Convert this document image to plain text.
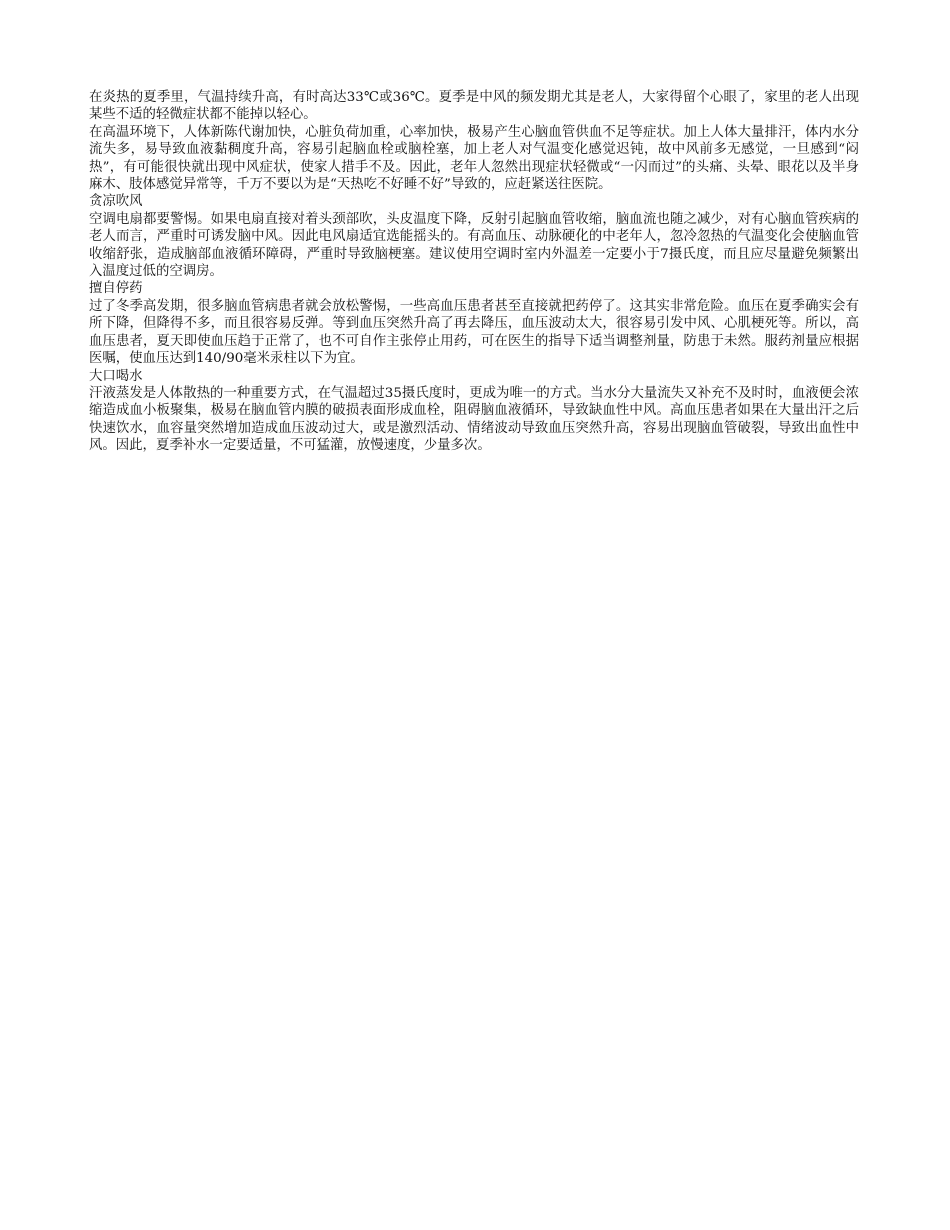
在炎热的夏季里，气温持续升高，有时高达33℃或36℃。夏季是中风的频发期尤其是老人，大家得留个心眼了，家里的老人出现某些不适的轻微症状都不能掉以轻心。

在高温环境下，人体新陈代谢加快，心脏负荷加重，心率加快，极易产生心脑血管供血不足等症状。加上人体大量排汗，体内水分流失多，易导致血液黏稠度升高，容易引起脑血栓或脑栓塞，加上老人对气温变化感觉迟钝，故中风前多无感觉，一旦感到“闷热”，有可能很快就出现中风症状，使家人措手不及。因此，老年人忽然出现症状轻微或“一闪而过”的头痛、头晕、眼花以及半身麻木、肢体感觉异常等，千万不要以为是“天热吃不好睡不好”导致的，应赶紧送往医院。

贪凉吹风

空调电扇都要警惕。如果电扇直接对着头颈部吹，头皮温度下降，反射引起脑血管收缩，脑血流也随之减少，对有心脑血管疾病的老人而言，严重时可诱发脑中风。因此电风扇适宜选能摇头的。有高血压、动脉硬化的中老年人，忽冷忽热的气温变化会使脑血管收缩舒张，造成脑部血液循环障碍，严重时导致脑梗塞。建议使用空调时室内外温差一定要小于7摄氏度，而且应尽量避免频繁出入温度过低的空调房。

擅自停药

过了冬季高发期，很多脑血管病患者就会放松警惕，一些高血压患者甚至直接就把药停了。这其实非常危险。血压在夏季确实会有所下降，但降得不多，而且很容易反弹。等到血压突然升高了再去降压，血压波动太大，很容易引发中风、心肌梗死等。所以，高血压患者，夏天即使血压趋于正常了，也不可自作主张停止用药，可在医生的指导下适当调整剂量，防患于未然。服药剂量应根据医嘱，使血压达到140/90毫米汞柱以下为宜。

大口喝水

汗液蒸发是人体散热的一种重要方式，在气温超过35摄氏度时，更成为唯一的方式。当水分大量流失又补充不及时时，血液便会浓缩造成血小板聚集，极易在脑血管内膜的破损表面形成血栓，阻碍脑血液循环，导致缺血性中风。高血压患者如果在大量出汗之后快速饮水，血容量突然增加造成血压波动过大，或是激烈活动、情绪波动导致血压突然升高，容易出现脑血管破裂，导致出血性中风。因此，夏季补水一定要适量，不可猛灌，放慢速度，少量多次。
